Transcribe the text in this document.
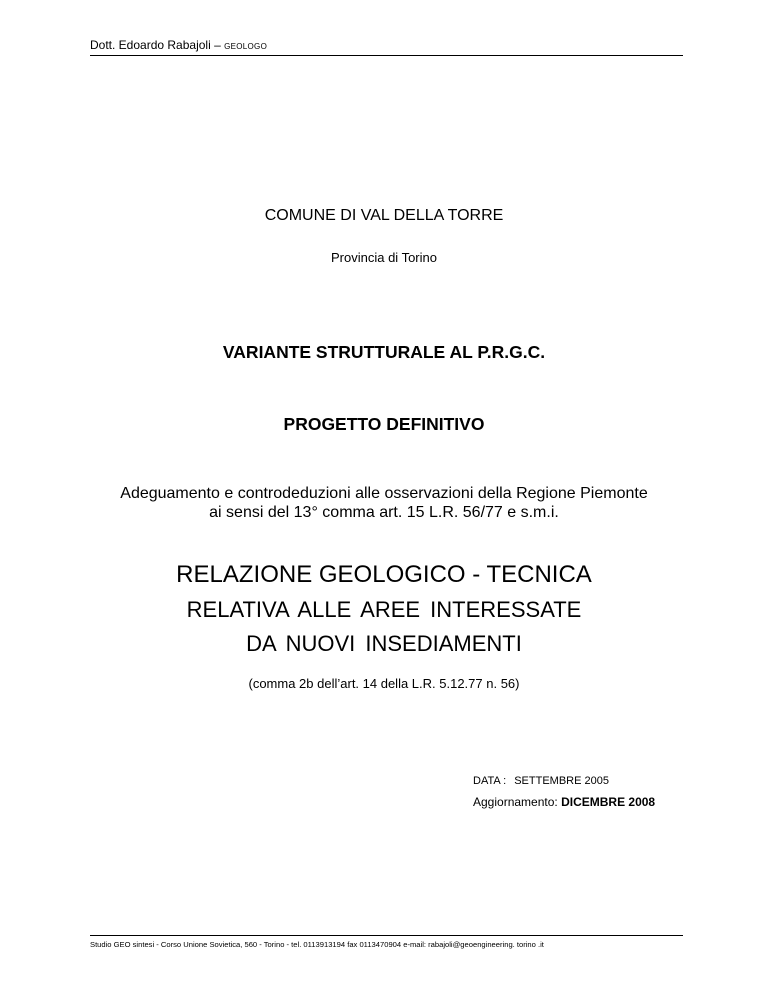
Dott. Edoardo Rabajoli – GEOLOGO
COMUNE DI VAL DELLA TORRE
Provincia di Torino
VARIANTE STRUTTURALE AL P.R.G.C.
PROGETTO DEFINITIVO
Adeguamento e controdeduzioni alle osservazioni della Regione Piemonte
ai sensi del 13° comma art. 15 L.R. 56/77 e s.m.i.
RELAZIONE GEOLOGICO - TECNICA
RELATIVA ALLE AREE INTERESSATE
DA NUOVI INSEDIAMENTI
(comma 2b dell’art. 14 della L.R. 5.12.77 n. 56)
DATA : SETTEMBRE 2005
Aggiornamento: DICEMBRE 2008
Studio GEO sintesi - Corso Unione Sovietica, 560 - Torino - tel. 0113913194 fax 0113470904 e-mail: rabajoli@geoengineering. torino .it
